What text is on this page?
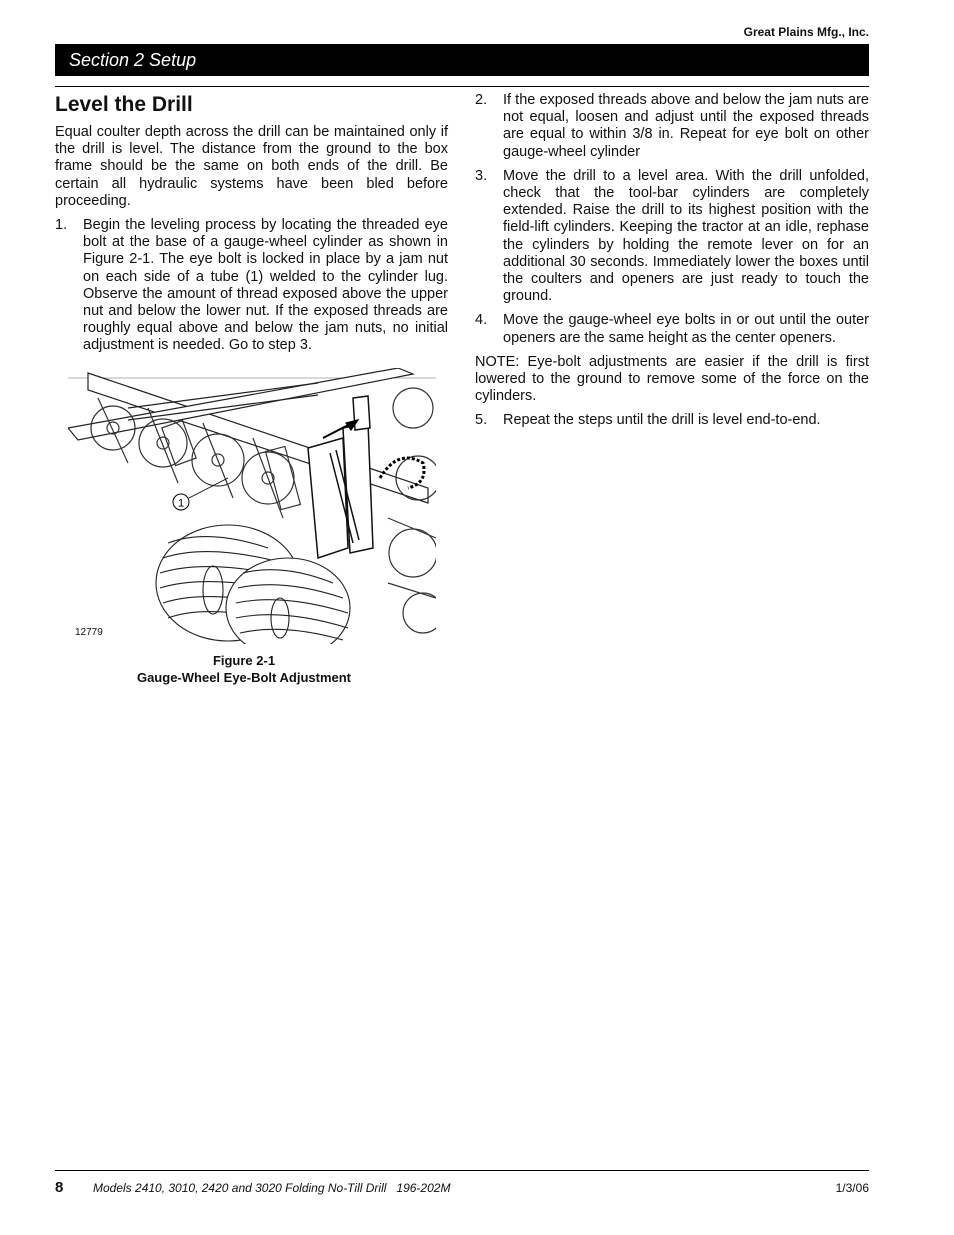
Great Plains Mfg., Inc.
Section 2 Setup
Level the Drill

Equal coulter depth across the drill can be maintained only if the drill is level. The distance from the ground to the box frame should be the same on both ends of the drill. Be certain all hydraulic systems have been bled before proceeding.

1.	Begin the leveling process by locating the threaded eye bolt at the base of a gauge-wheel cylinder as shown in Figure 2-1. The eye bolt is locked in place by a jam nut on each side of a tube (1) welded to the cylinder lug. Observe the amount of thread exposed above the upper nut and below the lower nut. If the exposed threads are roughly equal above and below the jam nuts, no initial adjustment is needed. Go to step 3.
1
12779
Figure 2-1
Gauge-Wheel Eye-Bolt Adjustment
2.	If the exposed threads above and below the jam nuts are not equal, loosen and adjust until the exposed threads are equal to within 3/8 in. Repeat for eye bolt on other gauge-wheel cylinder
3.	Move the drill to a level area. With the drill unfolded, check that the tool-bar cylinders are completely extended. Raise the drill to its highest position with the field-lift cylinders. Keeping the tractor at an idle, rephase the cylinders by holding the remote lever on for an additional 30 seconds. Immediately lower the boxes until the coulters and openers are just ready to touch the ground.
4.	Move the gauge-wheel eye bolts in or out until the outer openers are the same height as the center openers.

NOTE: Eye-bolt adjustments are easier if the drill is first lowered to the ground to remove some of the force on the cylinders.

5.	Repeat the steps until the drill is level end-to-end.
8 Models 2410, 3010, 2420 and 3020 Folding No-Till Drill   196-202M	1/3/06
